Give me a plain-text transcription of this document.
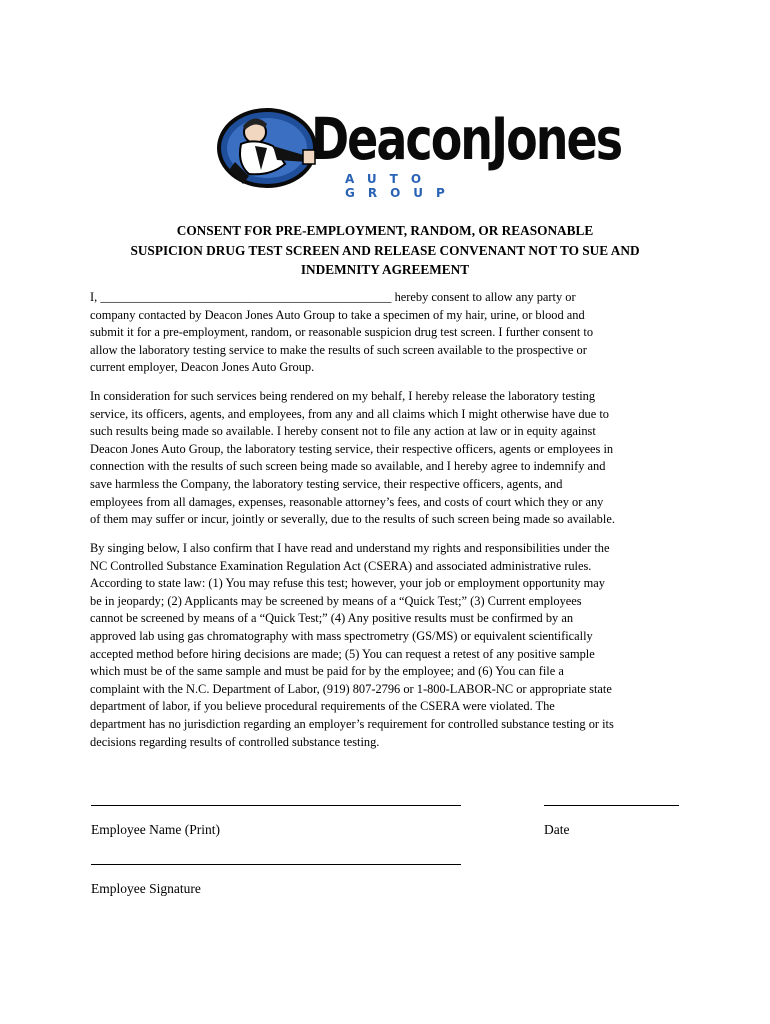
DeaconJones
AUTO GROUP
CONSENT FOR PRE-EMPLOYMENT, RANDOM, OR REASONABLE
SUSPICION DRUG TEST SCREEN AND RELEASE CONVENANT NOT TO SUE AND
INDEMNITY AGREEMENT
I, _______________________________________________ hereby consent to allow any party or
company contacted by Deacon Jones Auto Group to take a specimen of my hair, urine, or blood and
submit it for a pre-employment, random, or reasonable suspicion drug test screen. I further consent to
allow the laboratory testing service to make the results of such screen available to the prospective or
current employer, Deacon Jones Auto Group.
In consideration for such services being rendered on my behalf, I hereby release the laboratory testing
service, its officers, agents, and employees, from any and all claims which I might otherwise have due to
such results being made so available. I hereby consent not to file any action at law or in equity against
Deacon Jones Auto Group, the laboratory testing service, their respective officers, agents or employees in
connection with the results of such screen being made so available, and I hereby agree to indemnify and
save harmless the Company, the laboratory testing service, their respective officers, agents, and
employees from all damages, expenses, reasonable attorney’s fees, and costs of court which they or any
of them may suffer or incur, jointly or severally, due to the results of such screen being made so available.
By singing below, I also confirm that I have read and understand my rights and responsibilities under the
NC Controlled Substance Examination Regulation Act (CSERA) and associated administrative rules.
According to state law: (1) You may refuse this test; however, your job or employment opportunity may
be in jeopardy; (2) Applicants may be screened by means of a “Quick Test;” (3) Current employees
cannot be screened by means of a “Quick Test;” (4) Any positive results must be confirmed by an
approved lab using gas chromatography with mass spectrometry (GS/MS) or equivalent scientifically
accepted method before hiring decisions are made; (5) You can request a retest of any positive sample
which must be of the same sample and must be paid for by the employee; and (6) You can file a
complaint with the N.C. Department of Labor, (919) 807-2796 or 1-800-LABOR-NC or appropriate state
department of labor, if you believe procedural requirements of the CSERA were violated. The
department has no jurisdiction regarding an employer’s requirement for controlled substance testing or its
decisions regarding results of controlled substance testing.
Employee Name (Print)	Date
Employee Signature
